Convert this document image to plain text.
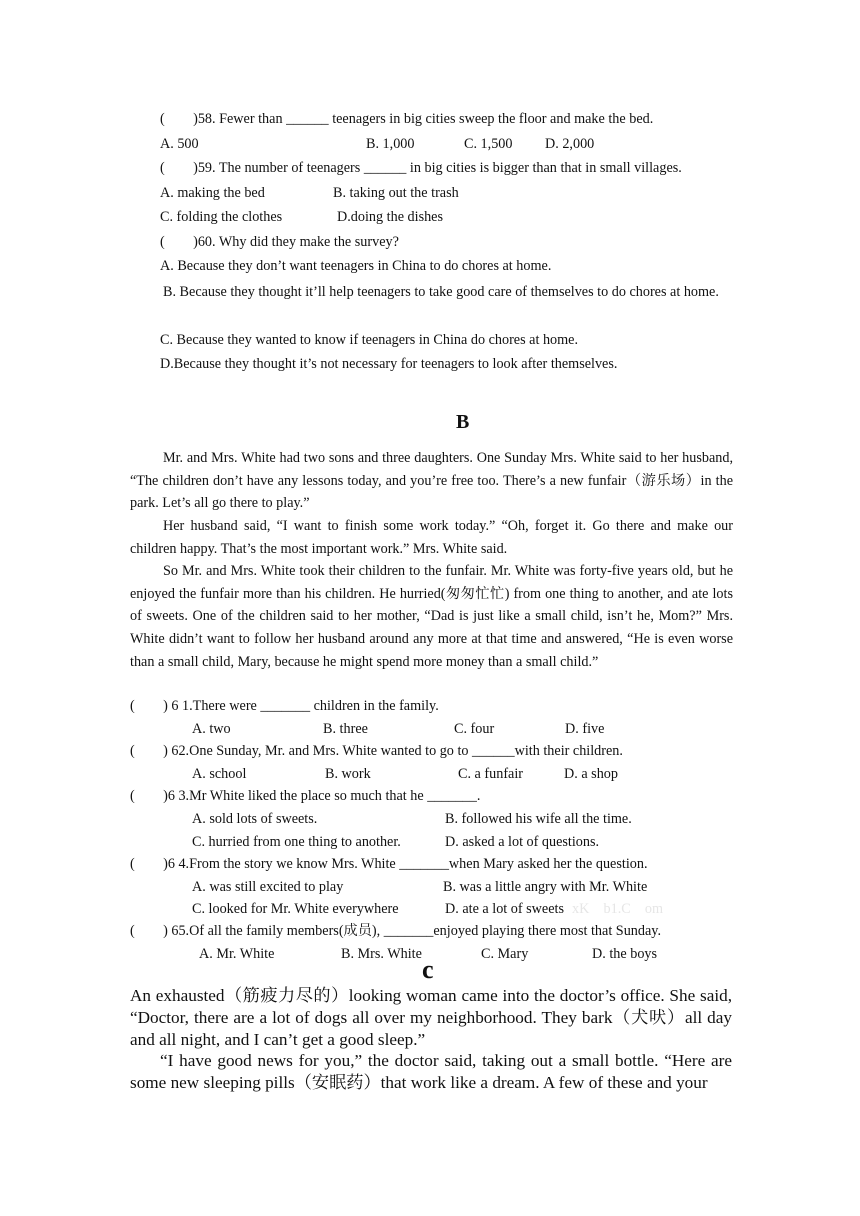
(　　)58. Fewer than ______ teenagers in big cities sweep the floor and make the bed.
A. 500	B. 1,000	C. 1,500 D. 2,000
(　　)59. The number of teenagers ______ in big cities is bigger than that in small villages.
A. making the bed	B. taking out the trash
C. folding the clothes	D.doing the dishes
(　　)60. Why did they make the survey?
A. Because they don’t want teenagers in China to do chores at home.
B. Because they thought it’ll help teenagers to take good care of themselves to do chores at home.
C. Because they wanted to know if teenagers in China do chores at home.
D.Because they thought it’s not necessary for teenagers to look after themselves.
B
Mr. and Mrs. White had two sons and three daughters. One Sunday Mrs. White said to her husband, “The children don’t have any lessons today, and you’re free too. There’s a new funfair（游乐场）in the park. Let’s all go there to play.”
Her husband said, “I want to finish some work today.” “Oh, forget it. Go there and make our children happy. That’s the most important work.” Mrs. White said.
So Mr. and Mrs. White took their children to the funfair. Mr. White was forty-five years old, but he enjoyed the funfair more than his children. He hurried(匆匆忙忙) from one thing to another, and ate lots of sweets. One of the children said to her mother, “Dad is just like a small child, isn’t he, Mom?” Mrs. White didn’t want to follow her husband around any more at that time and answered, “He is even worse than a small child, Mary, because he might spend more money than a small child.”
(　　) 6 1.There were _______ children in the family.
A. two	B. three	C. four	D. five
(　　) 62.One Sunday, Mr. and Mrs. White wanted to go to ______with their children.
A. school	B. work	C. a funfair	D. a shop
(　　)6 3.Mr White liked the place so much that he _______.
A. sold lots of sweets.	B. followed his wife all the time.
C. hurried from one thing to another.	D. asked a lot of questions.
(　　)6 4.From the story we know Mrs. White _______when Mary asked her the question.
A. was still excited to play	B. was a little angry with Mr. White
C. looked for Mr. White everywhere	D. ate a lot of sweets xK　b1.C　om
(　　) 65.Of all the family members(成员), _______enjoyed playing there most that Sunday.
A. Mr. White	B. Mrs. White	C. Mary	D. the boys
c

An exhausted（筋疲力尽的）looking woman came into the doctor’s office. She said, “Doctor, there are a lot of dogs all over my neighborhood. They bark（犬吠）all day and all night, and I can’t get a good sleep.”

“I have good news for you,” the doctor said, taking out a small bottle. “Here are some new sleeping pills（安眠药）that work like a dream. A few of these and your
